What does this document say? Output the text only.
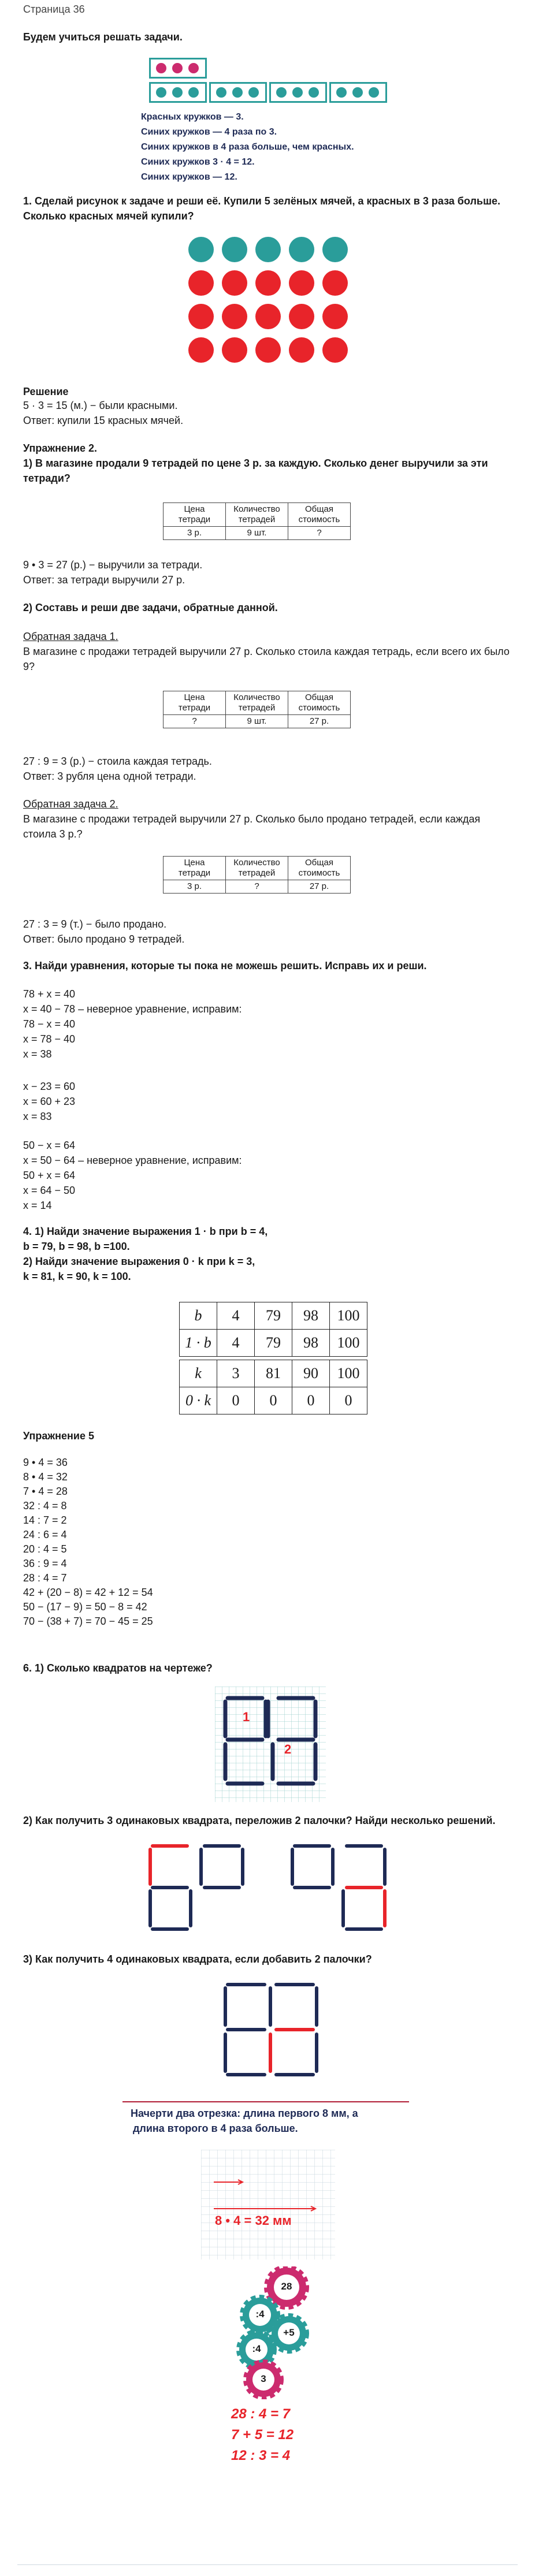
Страница 36
Будем учиться решать задачи.
Красных кружков — 3.
Синих кружков — 4 раза по 3.
Синих кружков в 4 раза больше, чем красных.
Синих кружков 3 · 4 = 12.
Синих кружков — 12.
1. Сделай рисунок к задаче и реши её. Купили 5 зелёных мячей, а красных в 3 раза больше.
Сколько красных мячей купили?
Решение
5 · 3 = 15 (м.) − были красными.
Ответ: купили 15 красных мячей.
Упражнение 2.
1) В магазине продали 9 тетрадей по цене 3 р. за каждую. Сколько денег выручили за эти
тетради?
Цена тетради	Количество тетрадей	Общая стоимость
3 р.	9 шт.	?
9 • 3 = 27 (р.) − выручили за тетради.
Ответ: за тетради выручили 27 р.
2) Составь и реши две задачи, обратные данной.
Обратная задача 1.
В магазине с продажи тетрадей выручили 27 р. Сколько стоила каждая тетрадь, если всего их было
9?
Цена тетради	Количество тетрадей	Общая стоимость
?	9 шт.	27 р.
27 : 9 = 3 (р.) − стоила каждая тетрадь.
Ответ: 3 рубля цена одной тетради.
Обратная задача 2.
В магазине с продажи тетрадей выручили 27 р. Сколько было продано тетрадей, если каждая
стоила 3 р.?
Цена тетради	Количество тетрадей	Общая стоимость
3 р.	?	27 р.
27 : 3 = 9 (т.) − было продано.
Ответ: было продано 9 тетрадей.
3. Найди уравнения, которые ты пока не можешь решить. Исправь их и реши.
78 + x = 40
x = 40 − 78 – неверное уравнение, исправим:
78 − x = 40
x = 78 − 40
x = 38
x − 23 = 60
x = 60 + 23
x = 83
50 − x = 64
x = 50 − 64 – неверное уравнение, исправим:
50 + x = 64
x = 64 − 50
x = 14
4. 1) Найди значение выражения 1 · b при b = 4,
b = 79, b = 98, b =100.
2) Найди значение выражения 0 · k при k = 3,
k = 81, k = 90, k = 100.
b	4	79	98	100
1 · b	4	79	98	100
k	3	81	90	100
0 · k	0	0	0	0
Упражнение 5
9 • 4 = 36
8 • 4 = 32
7 • 4 = 28
32 : 4 = 8
14 : 7 = 2
24 : 6 = 4
20 : 4 = 5
36 : 9 = 4
28 : 4 = 7
42 + (20 − 8) = 42 + 12 = 54
50 − (17 − 9) = 50 − 8 = 42
70 − (38 + 7) = 70 − 45 = 25
6. 1) Сколько квадратов на чертеже?
1
2
2) Как получить 3 одинаковых квадрата, переложив 2 палочки? Найди несколько решений.
3) Как получить 4 одинаковых квадрата, если добавить 2 палочки?
Начерти два отрезка: длина первого 8 мм, а
длина второго в 4 раза больше.
8 • 4 = 32 мм
28
:4
+5
:4
3
28 : 4 = 7
7 + 5 = 12
12 : 3 = 4
